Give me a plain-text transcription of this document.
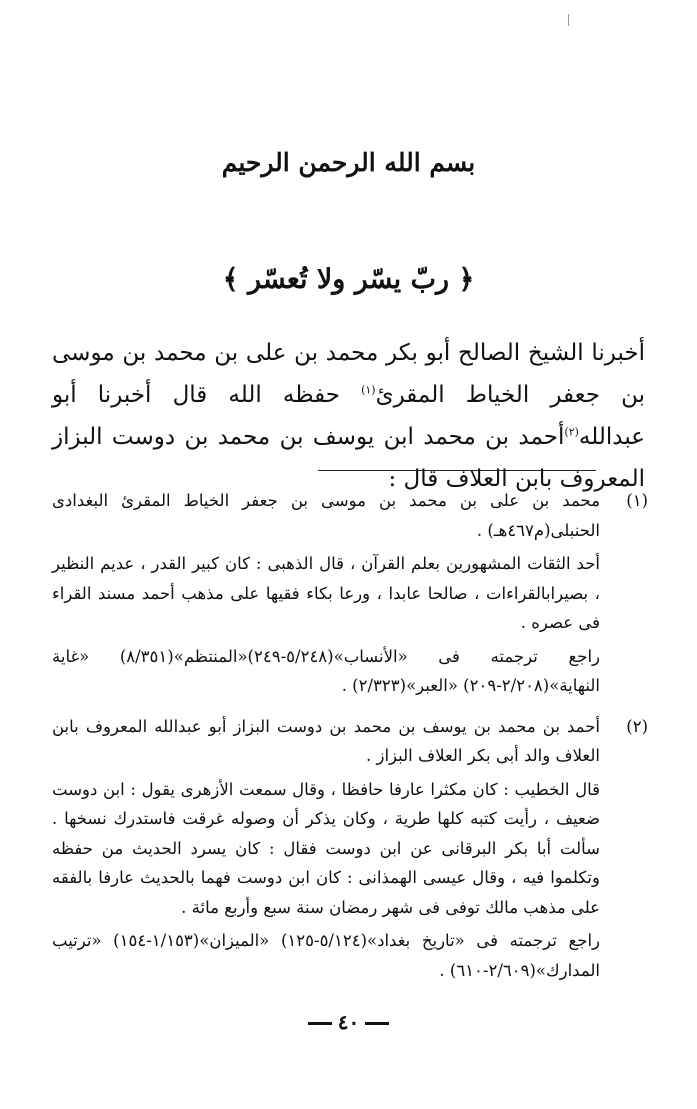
بسم الله الرحمن الرحيم
﴿ ربّ يسّر ولا تُعسّر ﴾

أخبرنا الشيخ الصالح أبو بكر محمد بن على بن محمد بن موسى بن جعفر الخياط المقرئ$^{(١)}$ حفظه الله قال أخبرنا أبو عبدالله$^{(٢)}$أحمد بن محمد ابن يوسف بن محمد بن دوست البزاز المعروف بابن العلاف قال :

(١)

محمد بن على بن محمد بن موسى بن جعفر الخياط المقرئ البغدادى الحنبلى(م٤٦٧هـ) .

أحد الثقات المشهورين بعلم القرآن ، قال الذهبى : كان كبير القدر ، عديم النظير ، بصيرابالقراءات ، صالحا عابدا ، ورعا بكاء فقيها على مذهب أحمد مسند القراء فى عصره .

راجع ترجمته فى «الأنساب»(٥/٢٤٨-٢٤٩)«المنتظم»(٨/٣٥١) «غاية النهاية»(٢/٢٠٨-٢٠٩) «العبر»(٢/٣٢٣) .

(٢)

أحمد بن محمد بن يوسف بن محمد بن دوست البزاز أبو عبدالله المعروف بابن العلاف والد أبى بكر العلاف البزاز .

قال الخطيب : كان مكثرا عارفا حافظا ، وقال سمعت الأزهرى يقول : ابن دوست ضعيف ، رأيت كتبه كلها طرية ، وكان يذكر أن وصوله غرقت فاستدرك نسخها . سألت أبا بكر البرقانى عن ابن دوست فقال : كان يسرد الحديث من حفظه وتكلموا فيه ، وقال عيسى الهمذانى : كان ابن دوست فهما بالحديث عارفا بالفقه على مذهب مالك توفى فى شهر رمضان سنة سبع وأربع مائة .

راجع ترجمته فى «تاريخ بغداد»(٥/١٢٤-١٢٥) «الميزان»(١/١٥٣-١٥٤) «ترتيب المدارك»(٢/٦٠٩-٦١٠) .

٤٠
